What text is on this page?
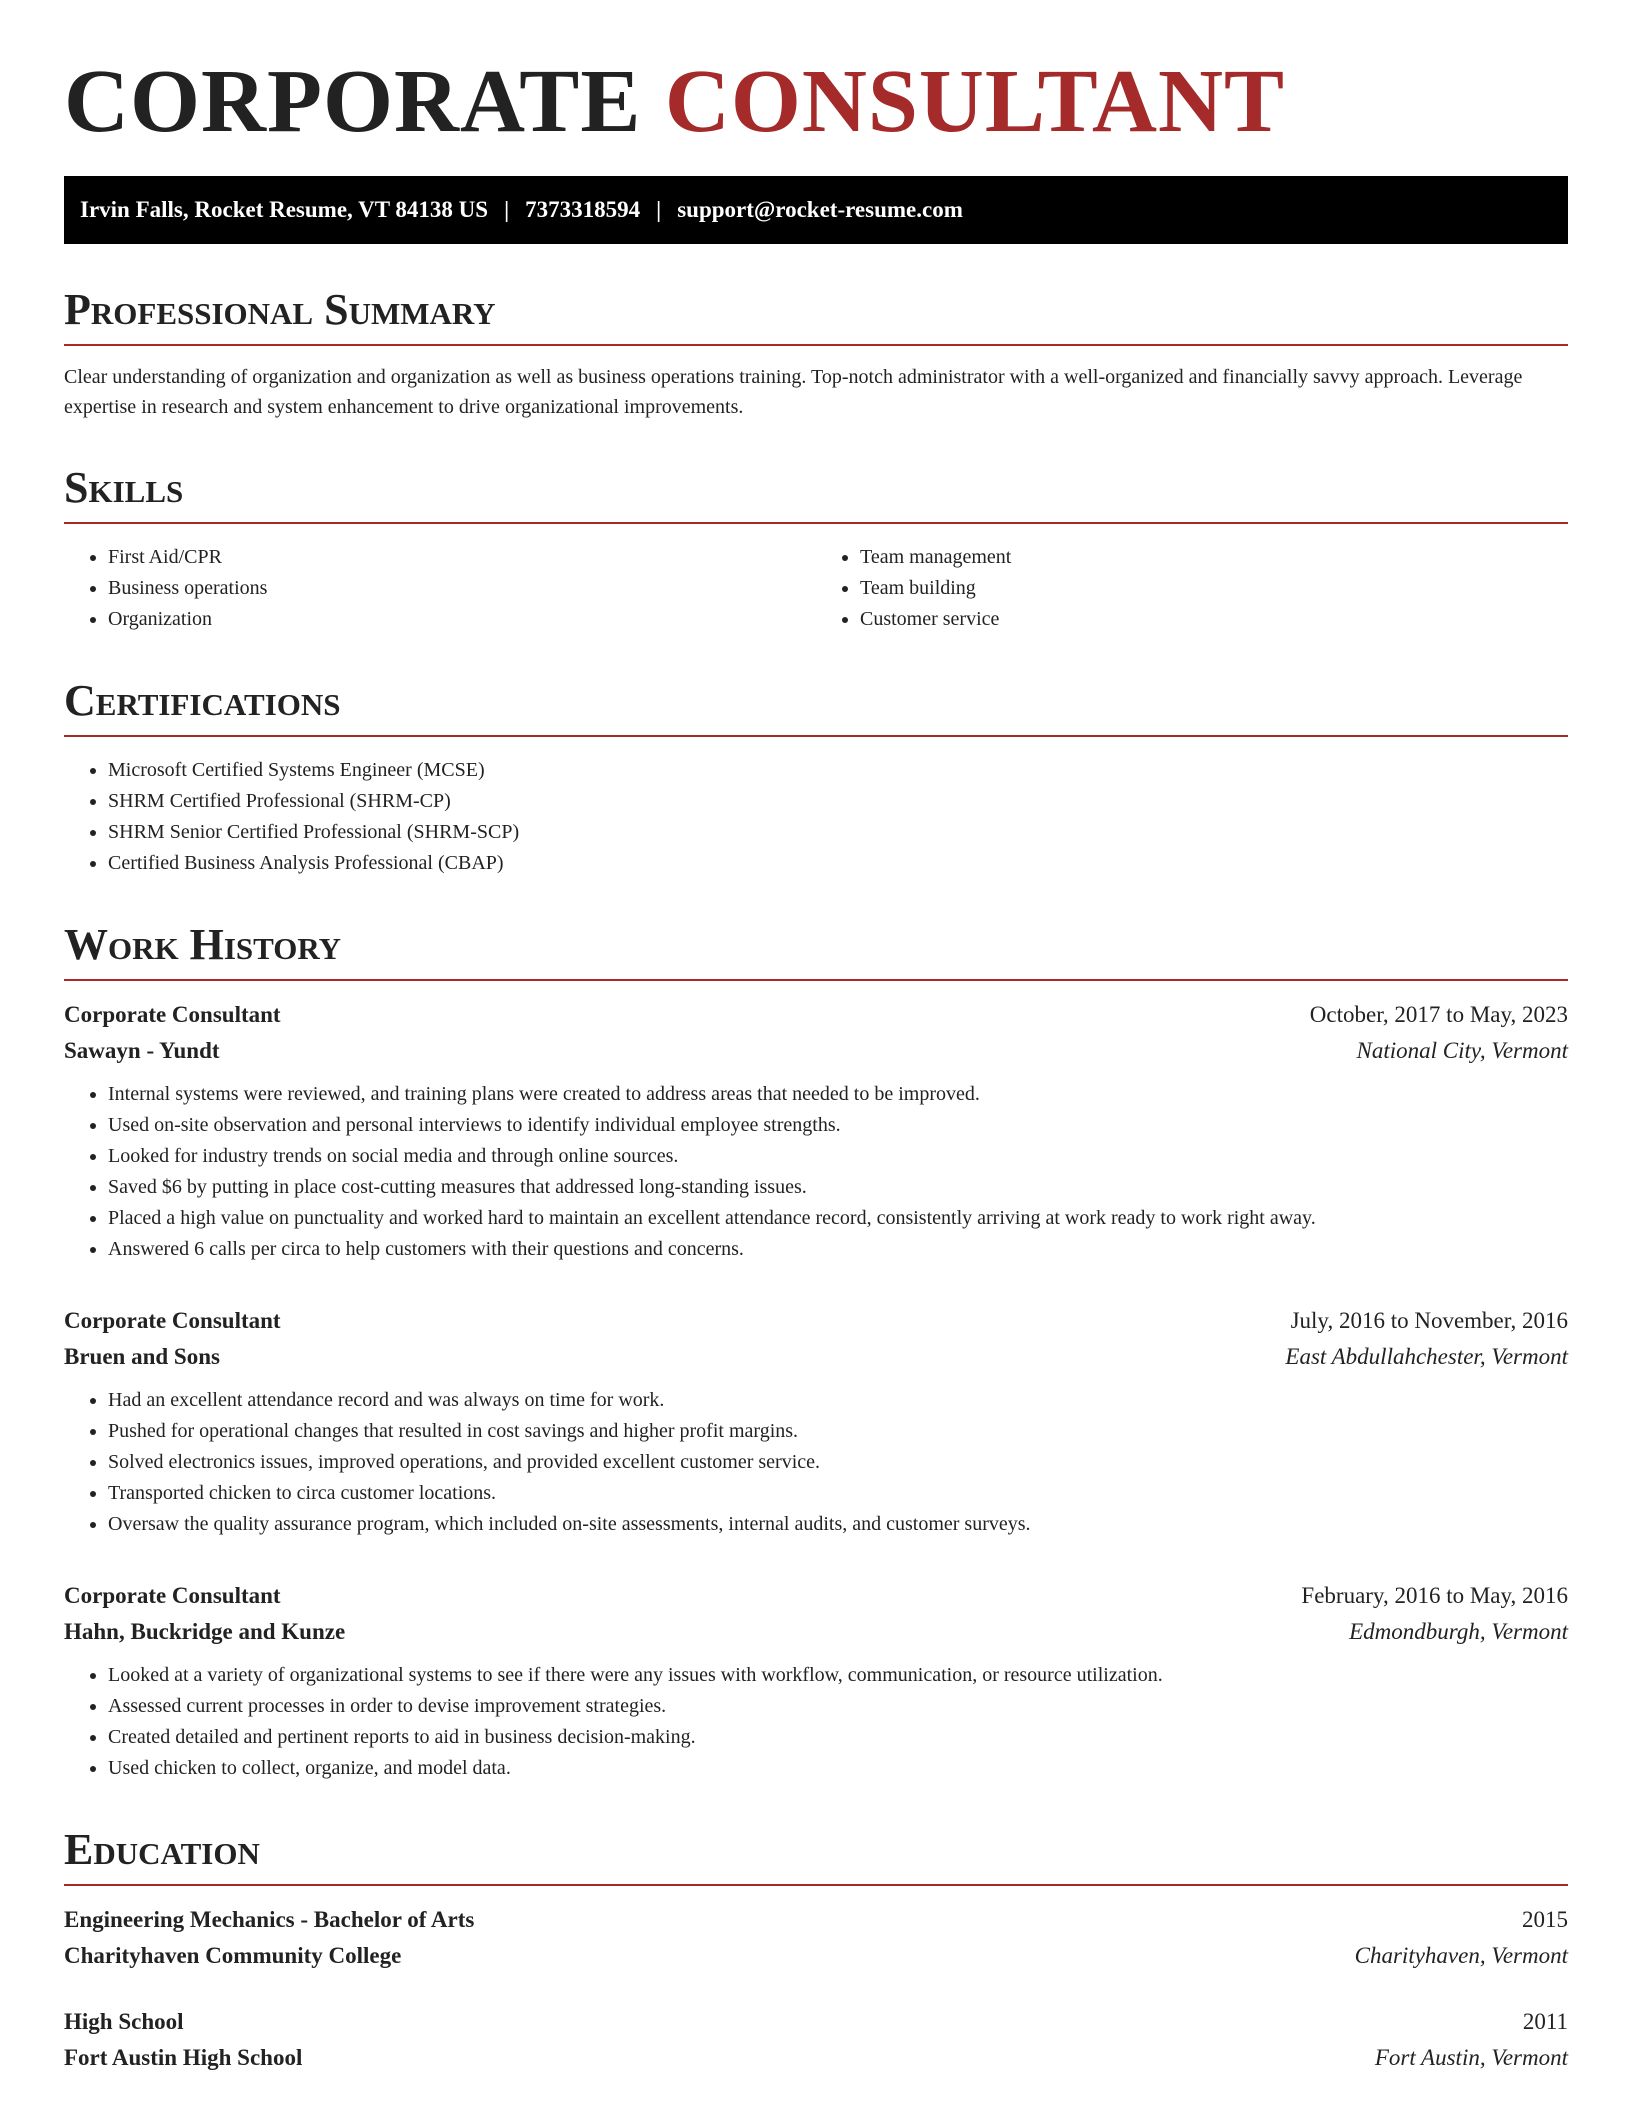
CORPORATE CONSULTANT
Irvin Falls, Rocket Resume, VT 84138 US | 7373318594 | support@rocket-resume.com
Professional Summary

Clear understanding of organization and organization as well as business operations training. Top-notch administrator with a well-organized and financially savvy approach. Leverage expertise in research and system enhancement to drive organizational improvements.

Skills
• First Aid/CPR
• Business operations
• Organization
• Team management
• Team building
• Customer service
Certifications
• Microsoft Certified Systems Engineer (MCSE)
• SHRM Certified Professional (SHRM-CP)
• SHRM Senior Certified Professional (SHRM-SCP)
• Certified Business Analysis Professional (CBAP)
Work History
Corporate Consultant	October, 2017 to May, 2023
Sawayn - Yundt	National City, Vermont
• Internal systems were reviewed, and training plans were created to address areas that needed to be improved.
• Used on-site observation and personal interviews to identify individual employee strengths.
• Looked for industry trends on social media and through online sources.
• Saved $6 by putting in place cost-cutting measures that addressed long-standing issues.
• Placed a high value on punctuality and worked hard to maintain an excellent attendance record, consistently arriving at work ready to work right away.
• Answered 6 calls per circa to help customers with their questions and concerns.
Corporate Consultant	July, 2016 to November, 2016
Bruen and Sons	East Abdullahchester, Vermont
• Had an excellent attendance record and was always on time for work.
• Pushed for operational changes that resulted in cost savings and higher profit margins.
• Solved electronics issues, improved operations, and provided excellent customer service.
• Transported chicken to circa customer locations.
• Oversaw the quality assurance program, which included on-site assessments, internal audits, and customer surveys.
Corporate Consultant	February, 2016 to May, 2016
Hahn, Buckridge and Kunze	Edmondburgh, Vermont
• Looked at a variety of organizational systems to see if there were any issues with workflow, communication, or resource utilization.
• Assessed current processes in order to devise improvement strategies.
• Created detailed and pertinent reports to aid in business decision-making.
• Used chicken to collect, organize, and model data.
Education
Engineering Mechanics - Bachelor of Arts	2015
Charityhaven Community College	Charityhaven, Vermont
High School	2011
Fort Austin High School	Fort Austin, Vermont
